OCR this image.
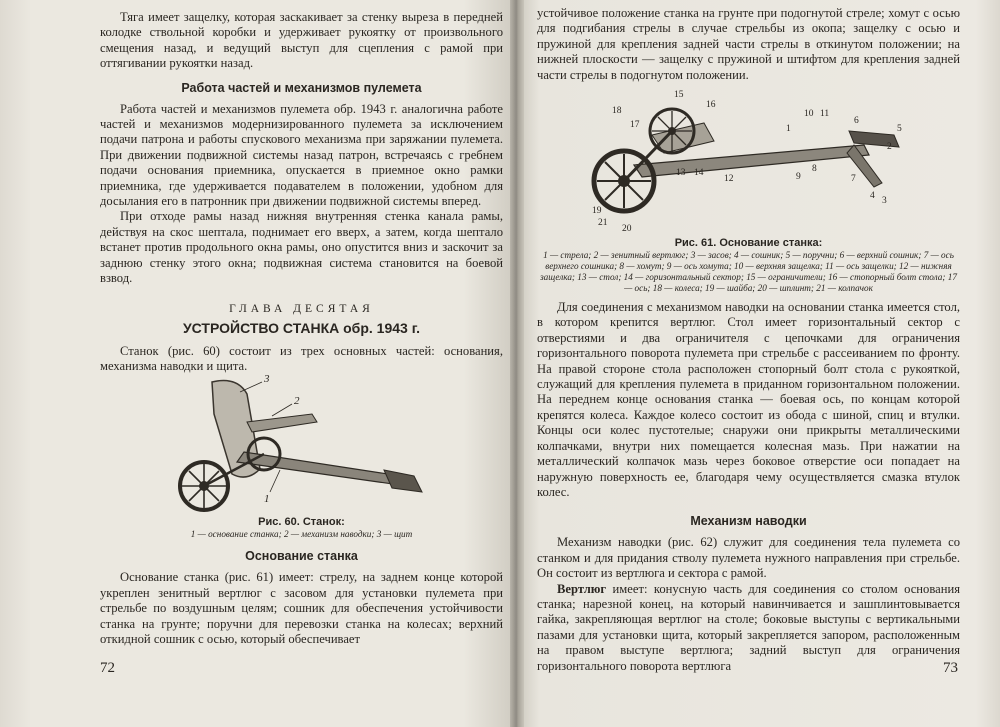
Тяга имеет защелку, которая заскакивает за стенку выреза в передней колодке ствольной коробки и удерживает рукоятку от произвольного смещения назад, и ведущий выступ для сцепления с рамой при оттягивании рукоятки назад.

Работа частей и механизмов пулемета

Работа частей и механизмов пулемета обр. 1943 г. аналогична работе частей и механизмов модернизированного пулемета за исключением подачи патрона и работы спускового механизма при заряжании пулемета. При движении подвижной системы назад патрон, встречаясь с гребнем подачи основания приемника, опускается в приемное окно рамки приемника, где удерживается подавателем в положении, удобном для досылания его в патронник при движении подвижной системы вперед.

При отходе рамы назад нижняя внутренняя стенка канала рамы, действуя на скос шептала, поднимает его вверх, а затем, когда шептало встанет против продольного окна рамы, оно опустится вниз и заскочит за заднюю стенку этого окна; подвижная система становится на боевой взвод.

ГЛАВА ДЕСЯТАЯ
УСТРОЙСТВО СТАНКА обр. 1943 г.

Станок (рис. 60) состоит из трех основных частей: основания, механизма наводки и щита.

3
2
1
Рис. 60. Станок:
1 — основание станка; 2 — механизм наводки; 3 — щит
Основание станка

Основание станка (рис. 61) имеет: стрелу, на заднем конце которой укреплен зенитный вертлюг с засовом для установки пулемета при стрельбе по воздушным целям; сошник для обеспечения устойчивости станка на грунте; поручни для перевозки станка на колесах; верхний откидной сошник с осью, который обеспечивает

72

устойчивое положение станка на грунте при подогнутой стреле; хомут с осью для подгибания стрелы в случае стрельбы из окопа; защелку с осью и пружиной для крепления задней части стрелы в откинутом положении; на нижней плоскости — защелку с пружиной и штифтом для крепления задней части стрелы в подогнутом положении.

1
2
3
4
5
6
7
8
9
10 11
12
13 14
15
16
17
18
19
20
21
Рис. 61. Основание станка:
1 — стрела; 2 — зенитный вертлюг; 3 — засов; 4 — сошник; 5 — поручни; 6 — верхний сошник; 7 — ось верхнего сошника; 8 — хомут; 9 — ось хомута; 10 — верхняя защелка; 11 — ось защелки; 12 — нижняя защелка; 13 — стол; 14 — горизонтальный сектор; 15 — ограничители; 16 — стопорный болт стола; 17 — ось; 18 — колеса; 19 — шайба; 20 — шплинт; 21 — колпачок

Для соединения с механизмом наводки на основании станка имеется стол, в котором крепится вертлюг. Стол имеет горизонтальный сектор с отверстиями и два ограничителя с цепочками для ограничения горизонтального поворота пулемета при стрельбе с рассеиванием по фронту. На правой стороне стола расположен стопорный болт стола с рукояткой, служащий для крепления пулемета в приданном горизонтальном положении. На переднем конце основания станка — боевая ось, по концам которой крепятся колеса. Каждое колесо состоит из обода с шиной, спиц и втулки. Концы оси колес пустотелые; снаружи они прикрыты металлическими колпачками, внутри них помещается колесная мазь. При нажатии на металлический колпачок мазь через боковое отверстие оси попадает на наружную поверхность ее, благодаря чему осуществляется смазка втулок колес.

Механизм наводки

Механизм наводки (рис. 62) служит для соединения тела пулемета со станком и для придания стволу пулемета нужного направления при стрельбе. Он состоит из вертлюга и сектора с рамой.

Вертлюг имеет: конусную часть для соединения со столом основания станка; нарезной конец, на который навинчивается и зашплинтовывается гайка, закрепляющая вертлюг на столе; боковые выступы с вертикальными пазами для установки щита, который закрепляется запором, расположенным на правом выступе вертлюга; задний выступ для ограничения горизонтального поворота вертлюга	73
